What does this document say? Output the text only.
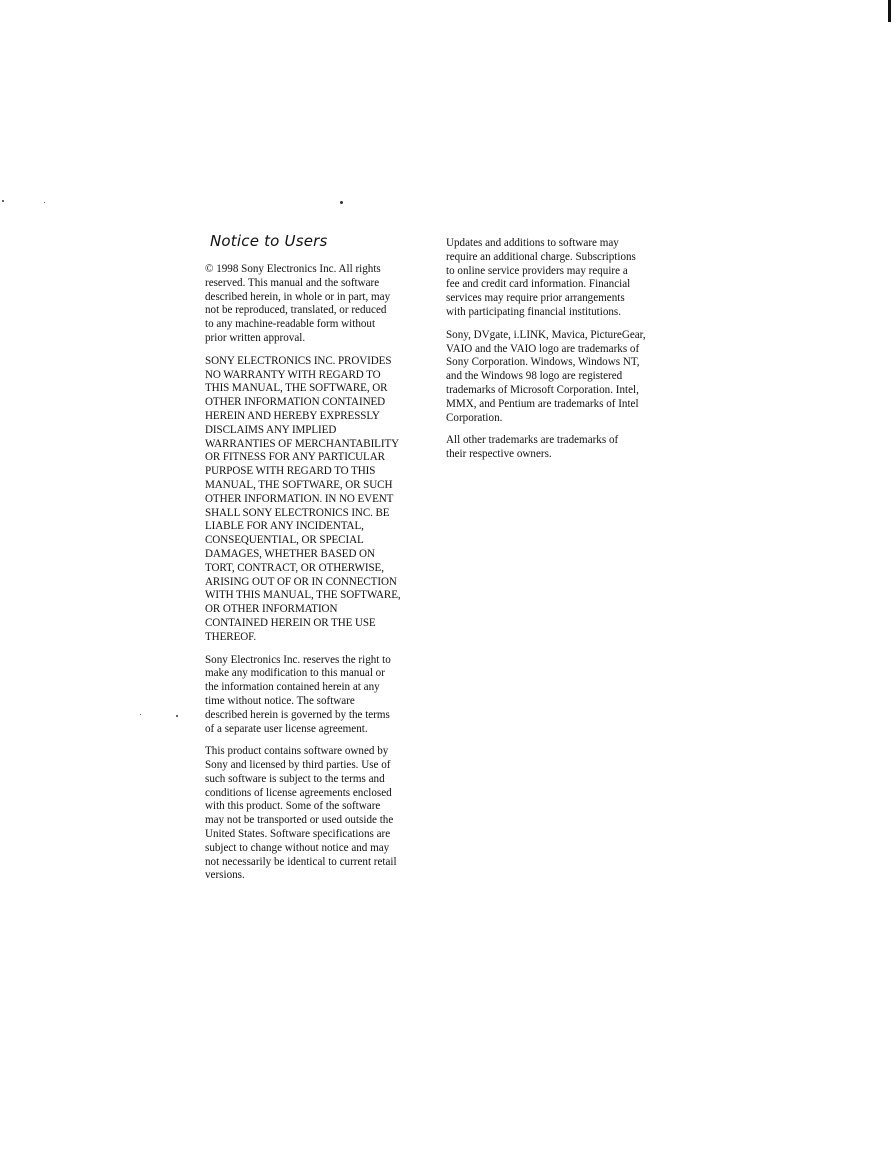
Notice to Users

© 1998 Sony Electronics Inc. All rights
reserved. This manual and the software
described herein, in whole or in part, may
not be reproduced, translated, or reduced
to any machine-readable form without
prior written approval.

SONY ELECTRONICS INC. PROVIDES
NO WARRANTY WITH REGARD TO
THIS MANUAL, THE SOFTWARE, OR
OTHER INFORMATION CONTAINED
HEREIN AND HEREBY EXPRESSLY
DISCLAIMS ANY IMPLIED
WARRANTIES OF MERCHANTABILITY
OR FITNESS FOR ANY PARTICULAR
PURPOSE WITH REGARD TO THIS
MANUAL, THE SOFTWARE, OR SUCH
OTHER INFORMATION. IN NO EVENT
SHALL SONY ELECTRONICS INC. BE
LIABLE FOR ANY INCIDENTAL,
CONSEQUENTIAL, OR SPECIAL
DAMAGES, WHETHER BASED ON
TORT, CONTRACT, OR OTHERWISE,
ARISING OUT OF OR IN CONNECTION
WITH THIS MANUAL, THE SOFTWARE,
OR OTHER INFORMATION
CONTAINED HEREIN OR THE USE
THEREOF.

Sony Electronics Inc. reserves the right to
make any modification to this manual or
the information contained herein at any
time without notice. The software
described herein is governed by the terms
of a separate user license agreement.

This product contains software owned by
Sony and licensed by third parties. Use of
such software is subject to the terms and
conditions of license agreements enclosed
with this product. Some of the software
may not be transported or used outside the
United States. Software specifications are
subject to change without notice and may
not necessarily be identical to current retail
versions.

Updates and additions to software may
require an additional charge. Subscriptions
to online service providers may require a
fee and credit card information. Financial
services may require prior arrangements
with participating financial institutions.

Sony, DVgate, i.LINK, Mavica, PictureGear,
VAIO and the VAIO logo are trademarks of
Sony Corporation. Windows, Windows NT,
and the Windows 98 logo are registered
trademarks of Microsoft Corporation. Intel,
MMX, and Pentium are trademarks of Intel
Corporation.

All other trademarks are trademarks of
their respective owners.
